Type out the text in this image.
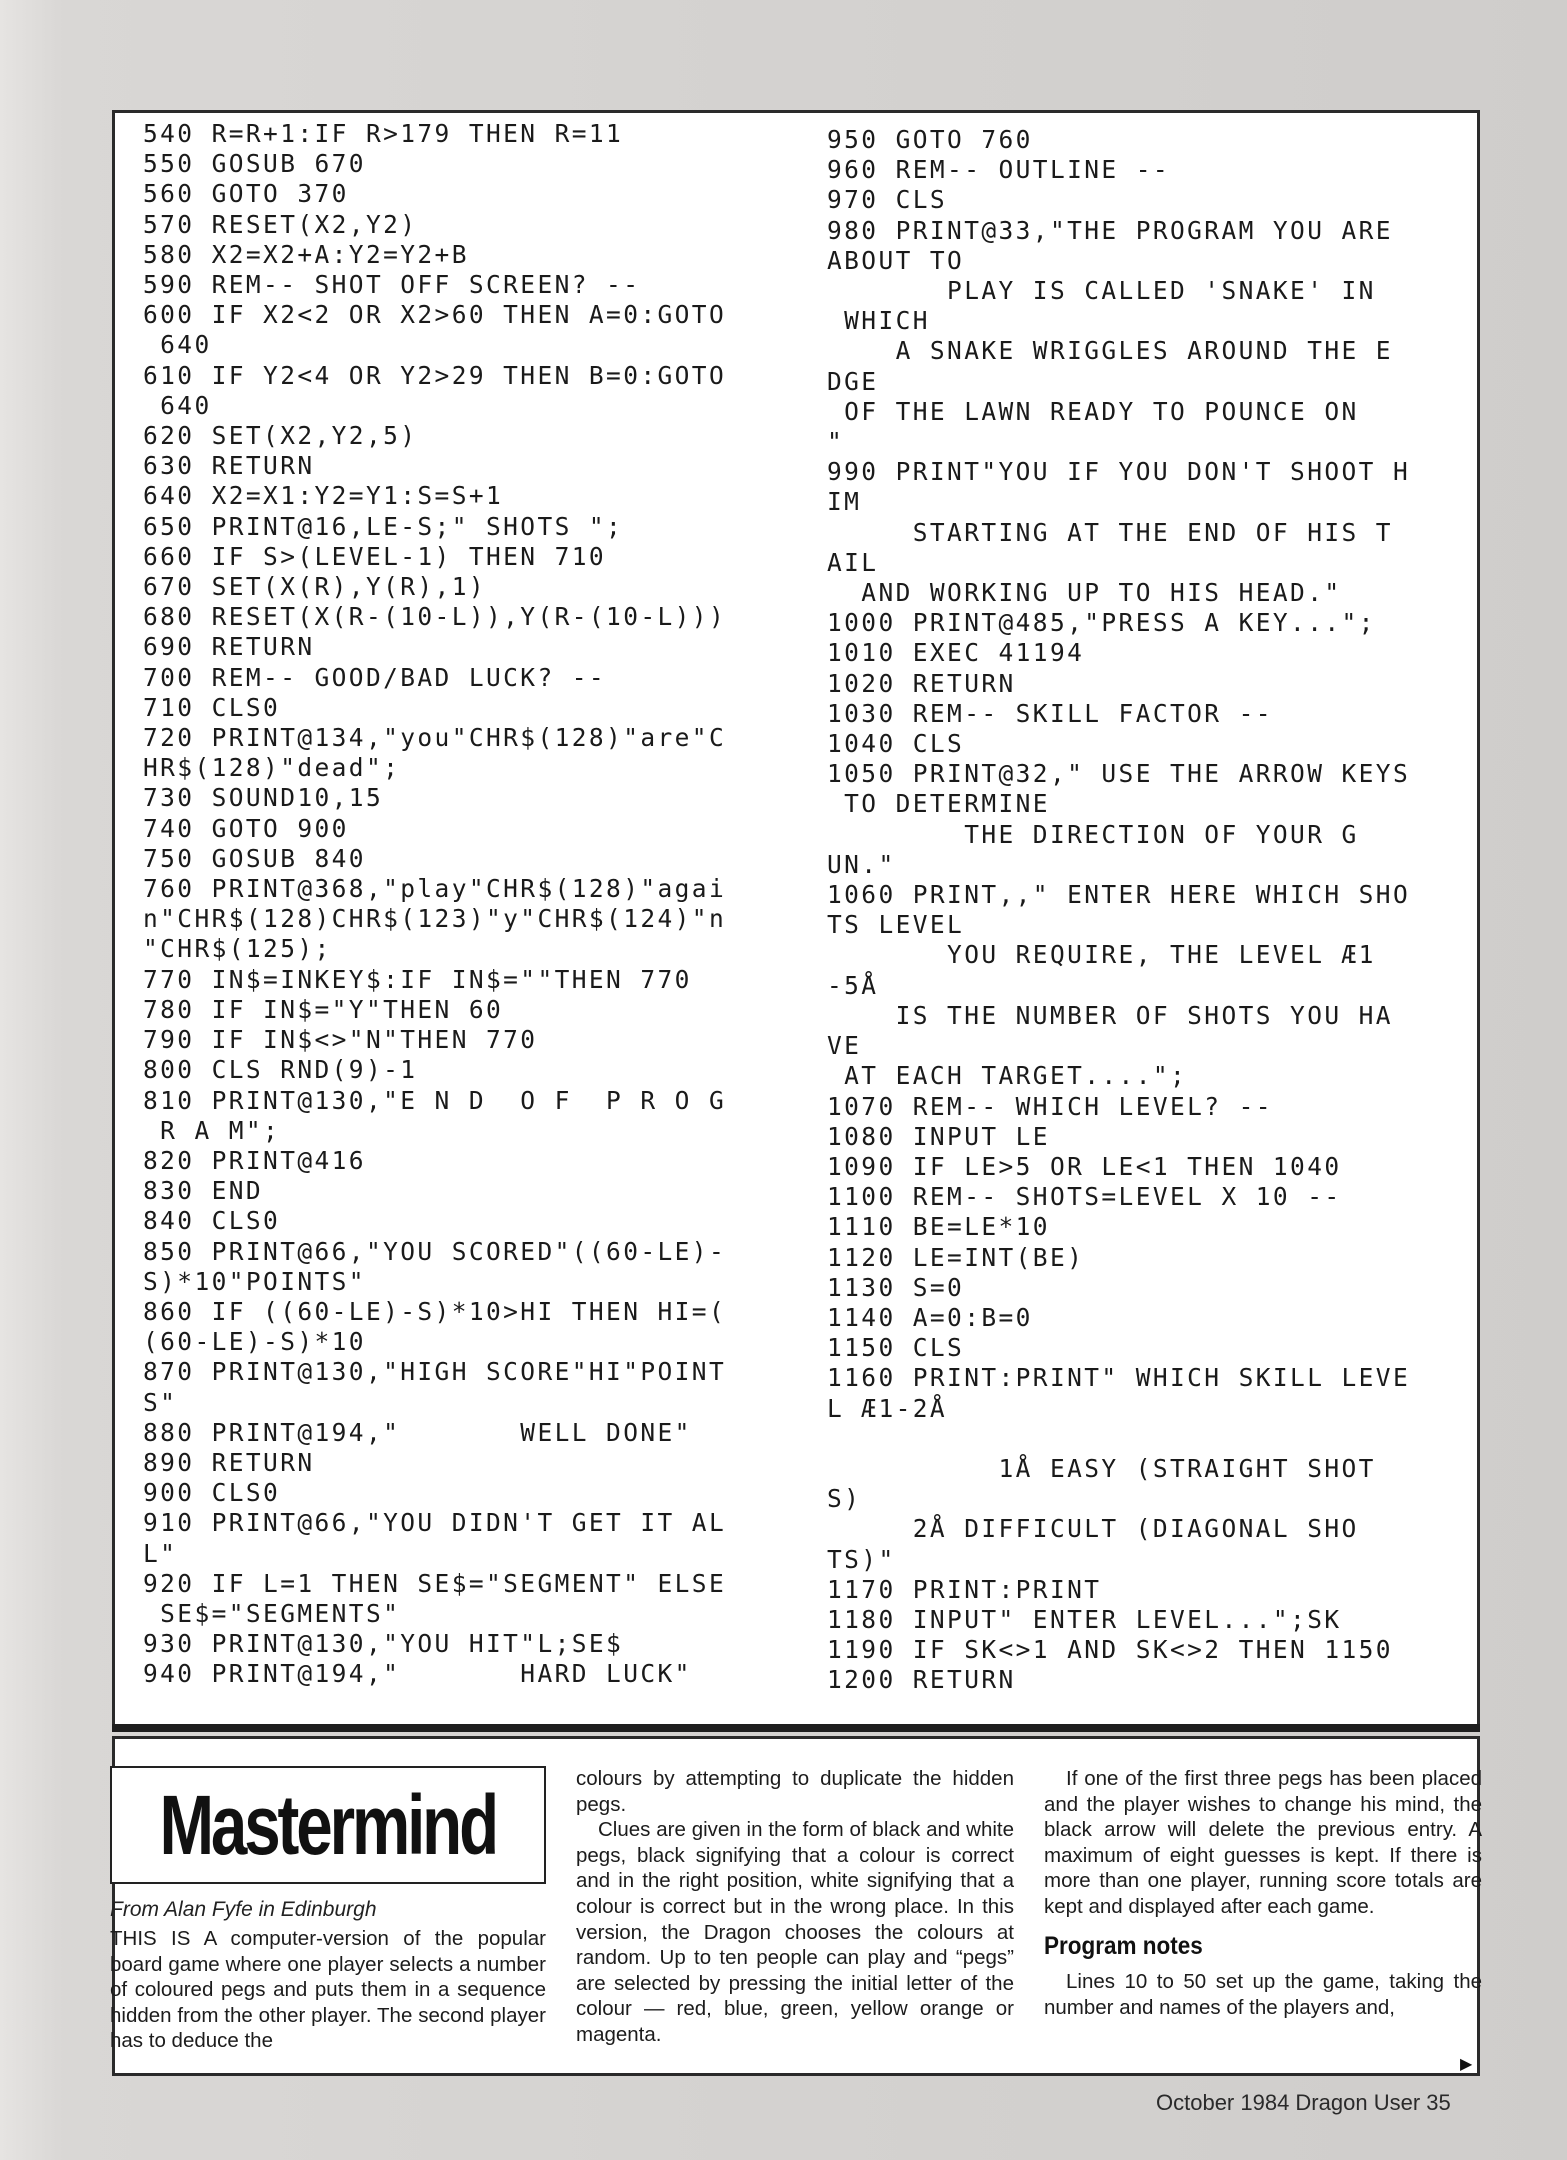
540 R=R+1:IF R>179 THEN R=11
550 GOSUB 670
560 GOTO 370
570 RESET(X2,Y2)
580 X2=X2+A:Y2=Y2+B
590 REM-- SHOT OFF SCREEN? --
600 IF X2<2 OR X2>60 THEN A=0:GOTO
640
610 IF Y2<4 OR Y2>29 THEN B=0:GOTO
640
620 SET(X2,Y2,5)
630 RETURN
640 X2=X1:Y2=Y1:S=S+1
650 PRINT@16,LE-S;" SHOTS ";
660 IF S>(LEVEL-1) THEN 710
670 SET(X(R),Y(R),1)
680 RESET(X(R-(10-L)),Y(R-(10-L)))
690 RETURN
700 REM-- GOOD/BAD LUCK? --
710 CLS0
720 PRINT@134,"you"CHR$(128)"are"C
HR$(128)"dead";
730 SOUND10,15
740 GOTO 900
750 GOSUB 840
760 PRINT@368,"play"CHR$(128)"agai
n"CHR$(128)CHR$(123)"y"CHR$(124)"n
"CHR$(125);
770 IN$=INKEY$:IF IN$=""THEN 770
780 IF IN$="Y"THEN 60
790 IF IN$<>"N"THEN 770
800 CLS RND(9)-1
810 PRINT@130,"E N D  O F  P R O G
R A M";
820 PRINT@416
830 END
840 CLS0
850 PRINT@66,"YOU SCORED"((60-LE)-
S)*10"POINTS"
860 IF ((60-LE)-S)*10>HI THEN HI=(
(60-LE)-S)*10
870 PRINT@130,"HIGH SCORE"HI"POINT
S"
880 PRINT@194,"       WELL DONE"
890 RETURN
900 CLS0
910 PRINT@66,"YOU DIDN'T GET IT AL
L"
920 IF L=1 THEN SE$="SEGMENT" ELSE
SE$="SEGMENTS"
930 PRINT@130,"YOU HIT"L;SE$
940 PRINT@194,"       HARD LUCK"
950 GOTO 760
960 REM-- OUTLINE --
970 CLS
980 PRINT@33,"THE PROGRAM YOU ARE
ABOUT TO
PLAY IS CALLED 'SNAKE' IN
WHICH
A SNAKE WRIGGLES AROUND THE E
DGE
OF THE LAWN READY TO POUNCE ON
"
990 PRINT"YOU IF YOU DON'T SHOOT H
IM
STARTING AT THE END OF HIS T
AIL
AND WORKING UP TO HIS HEAD."
1000 PRINT@485,"PRESS A KEY...";
1010 EXEC 41194
1020 RETURN
1030 REM-- SKILL FACTOR --
1040 CLS
1050 PRINT@32," USE THE ARROW KEYS
TO DETERMINE
THE DIRECTION OF YOUR G
UN."
1060 PRINT,," ENTER HERE WHICH SHO
TS LEVEL
YOU REQUIRE, THE LEVEL Æ1
-5Å
IS THE NUMBER OF SHOTS YOU HA
VE
AT EACH TARGET....";
1070 REM-- WHICH LEVEL? --
1080 INPUT LE
1090 IF LE>5 OR LE<1 THEN 1040
1100 REM-- SHOTS=LEVEL X 10 --
1110 BE=LE*10
1120 LE=INT(BE)
1130 S=0
1140 A=0:B=0
1150 CLS
1160 PRINT:PRINT" WHICH SKILL LEVE
L Æ1-2Å

1Å EASY (STRAIGHT SHOT
S)
2Å DIFFICULT (DIAGONAL SHO
TS)"
1170 PRINT:PRINT
1180 INPUT" ENTER LEVEL...";SK
1190 IF SK<>1 AND SK<>2 THEN 1150
1200 RETURN
Mastermind
From Alan Fyfe in Edinburgh

THIS IS A computer-version of the popular board game where one player selects a number of coloured pegs and puts them in a sequence hidden from the other player. The second player has to deduce the

colours by attempting to duplicate the hidden pegs.

Clues are given in the form of black and white pegs, black signifying that a colour is correct and in the right position, white signifying that a colour is correct but in the wrong place. In this version, the Dragon chooses the colours at random. Up to ten people can play and “pegs” are selected by pressing the initial letter of the colour — red, blue, green, yellow orange or magenta.

If one of the first three pegs has been placed and the player wishes to change his mind, the black arrow will delete the previous entry. A maximum of eight guesses is kept. If there is more than one player, running score totals are kept and displayed after each game.

Program notes

Lines 10 to 50 set up the game, taking the number and names of the players and,

▶
October 1984 Dragon User 35
